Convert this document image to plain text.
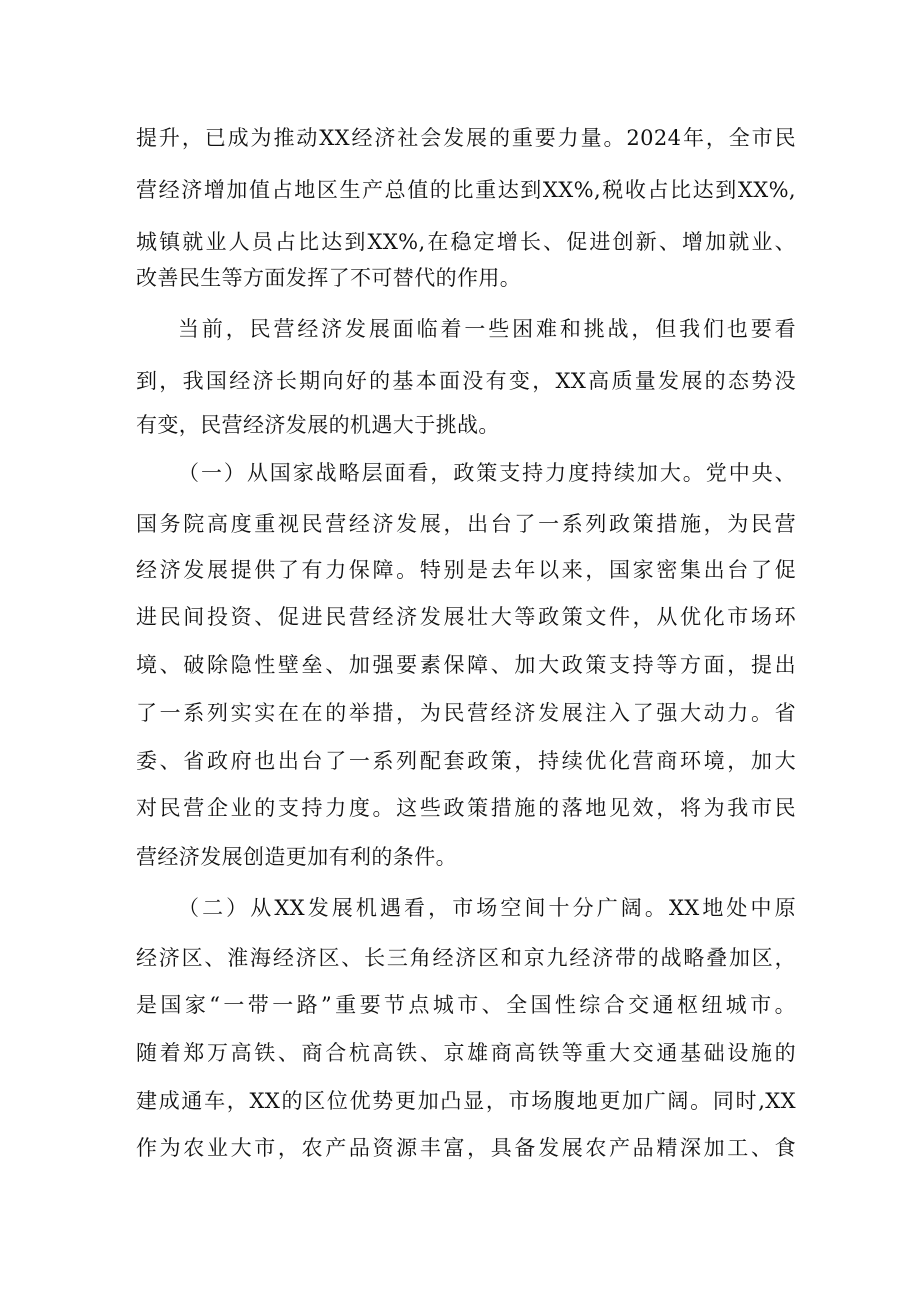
提升，已成为推动XX经济社会发展的重要力量。2024年，全市民
营经济增加值占地区生产总值的比重达到XX%,税收占比达到XX%,
城镇就业人员占比达到XX%,在稳定增长、促进创新、增加就业、
改善民生等方面发挥了不可替代的作用。
当前，民营经济发展面临着一些困难和挑战，但我们也要看
到，我国经济长期向好的基本面没有变，XX高质量发展的态势没
有变，民营经济发展的机遇大于挑战。
（一）从国家战略层面看，政策支持力度持续加大。党中央、
国务院高度重视民营经济发展，出台了一系列政策措施，为民营
经济发展提供了有力保障。特别是去年以来，国家密集出台了促
进民间投资、促进民营经济发展壮大等政策文件，从优化市场环
境、破除隐性壁垒、加强要素保障、加大政策支持等方面，提出
了一系列实实在在的举措，为民营经济发展注入了强大动力。省
委、省政府也出台了一系列配套政策，持续优化营商环境，加大
对民营企业的支持力度。这些政策措施的落地见效，将为我市民
营经济发展创造更加有利的条件。
（二）从XX发展机遇看，市场空间十分广阔。XX地处中原
经济区、淮海经济区、长三角经济区和京九经济带的战略叠加区，
是国家“一带一路”重要节点城市、全国性综合交通枢纽城市。
随着郑万高铁、商合杭高铁、京雄商高铁等重大交通基础设施的
建成通车，XX的区位优势更加凸显，市场腹地更加广阔。同时,XX
作为农业大市，农产品资源丰富，具备发展农产品精深加工、食
